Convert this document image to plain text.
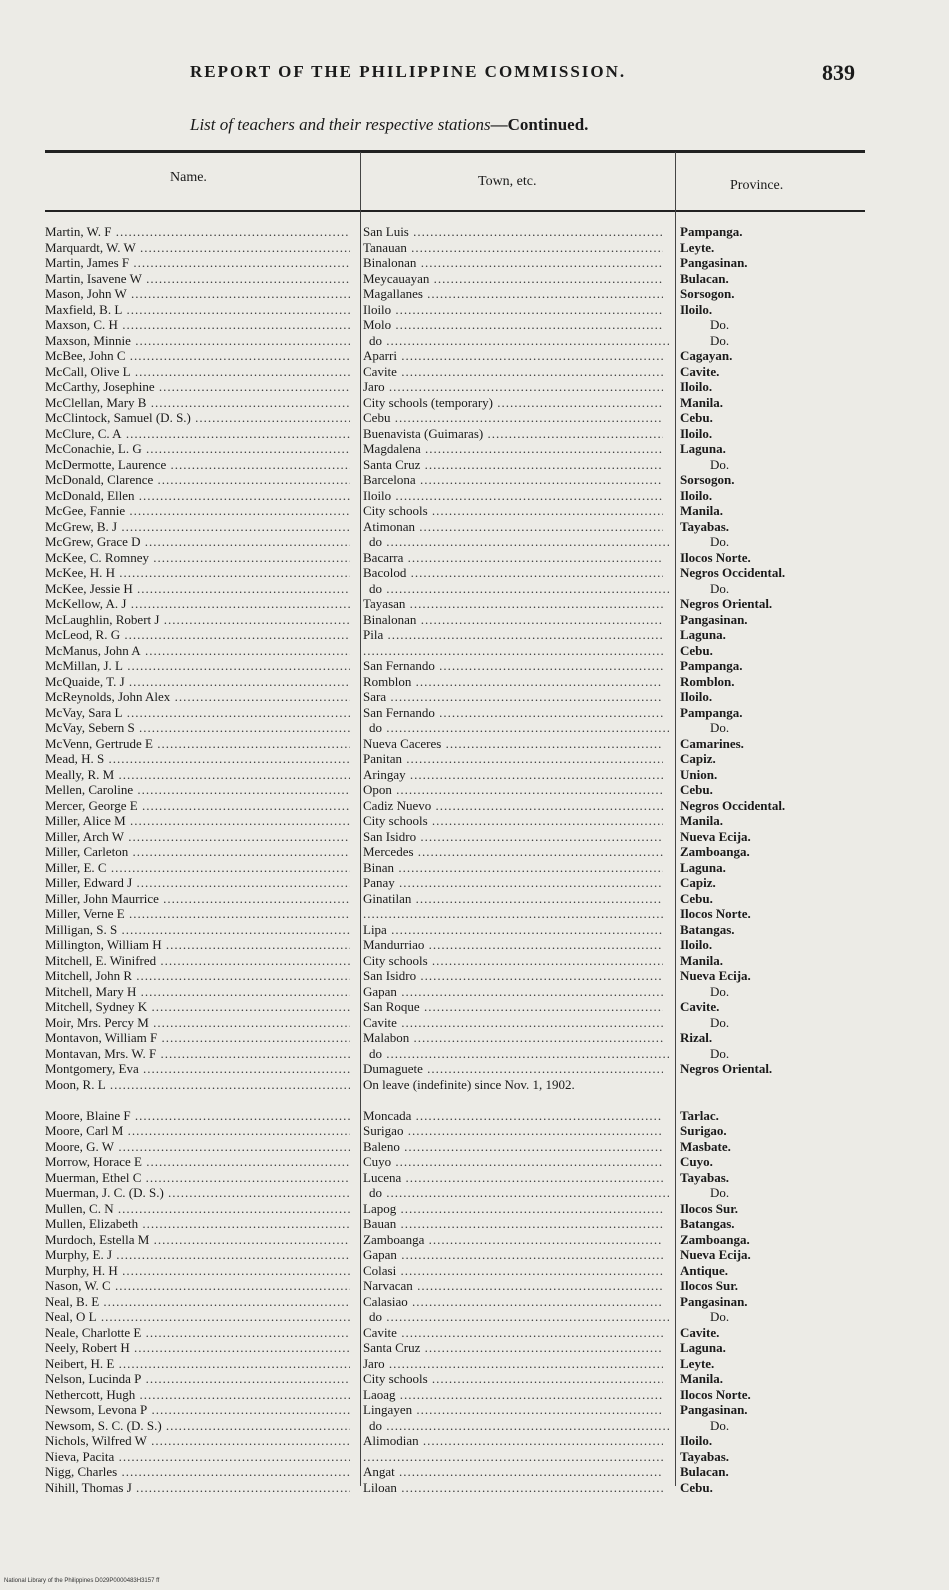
REPORT OF THE PHILIPPINE COMMISSION.	839
List of teachers and their respective stations—Continued.
Name.	Town, etc.	Province.
Martin, W. F .....	San Luis .....	Pampanga.
Marquardt, W. W .....	Tanauan .....	Leyte.
Martin, James F .....	Binalonan .....	Pangasinan.
Martin, Isavene W .....	Meycauayan .....	Bulacan.
Mason, John W .....	Magallanes .....	Sorsogon.
Maxfield, B. L .....	Iloilo .....	Iloilo.
Maxson, C. H .....	Molo .....	Do.
Maxson, Minnie .....	do .....	Do.
McBee, John C .....	Aparri .....	Cagayan.
McCall, Olive L .....	Cavite .....	Cavite.
McCarthy, Josephine .....	Jaro .....	Iloilo.
McClellan, Mary B .....	City schools (temporary) .....	Manila.
McClintock, Samuel (D. S.) .....	Cebu .....	Cebu.
McClure, C. A .....	Buenavista (Guimaras) .....	Iloilo.
McConachie, L. G .....	Magdalena .....	Laguna.
McDermotte, Laurence .....	Santa Cruz .....	Do.
McDonald, Clarence .....	Barcelona .....	Sorsogon.
McDonald, Ellen .....	Iloilo .....	Iloilo.
McGee, Fannie .....	City schools .....	Manila.
McGrew, B. J .....	Atimonan .....	Tayabas.
McGrew, Grace D .....	do .....	Do.
McKee, C. Romney .....	Bacarra .....	Ilocos Norte.
McKee, H. H .....	Bacolod .....	Negros Occidental.
McKee, Jessie H .....	do .....	Do.
McKellow, A. J .....	Tayasan .....	Negros Oriental.
McLaughlin, Robert J .....	Binalonan .....	Pangasinan.
McLeod, R. G .....	Pila .....	Laguna.
McManus, John A ..... .....	Cebu.
McMillan, J. L .....	San Fernando .....	Pampanga.
McQuaide, T. J .....	Romblon .....	Romblon.
McReynolds, John Alex .....	Sara .....	Iloilo.
McVay, Sara L .....	San Fernando .....	Pampanga.
McVay, Sebern S .....	do .....	Do.
McVenn, Gertrude E .....	Nueva Caceres .....	Camarines.
Mead, H. S .....	Panitan .....	Capiz.
Meally, R. M .....	Aringay .....	Union.
Mellen, Caroline .....	Opon .....	Cebu.
Mercer, George E .....	Cadiz Nuevo .....	Negros Occidental.
Miller, Alice M .....	City schools .....	Manila.
Miller, Arch W .....	San Isidro .....	Nueva Ecija.
Miller, Carleton .....	Mercedes .....	Zamboanga.
Miller, E. C .....	Binan .....	Laguna.
Miller, Edward J .....	Panay .....	Capiz.
Miller, John Maurrice .....	Ginatilan .....	Cebu.
Miller, Verne E ..... .....	Ilocos Norte.
Milligan, S. S .....	Lipa .....	Batangas.
Millington, William H .....	Mandurriao .....	Iloilo.
Mitchell, E. Winifred .....	City schools .....	Manila.
Mitchell, John R .....	San Isidro .....	Nueva Ecija.
Mitchell, Mary H .....	Gapan .....	Do.
Mitchell, Sydney K .....	San Roque .....	Cavite.
Moir, Mrs. Percy M .....	Cavite .....	Do.
Montavon, William F .....	Malabon .....	Rizal.
Montavan, Mrs. W. F .....	do .....	Do.
Montgomery, Eva .....	Dumaguete .....	Negros Oriental.
Moon, R. L .....	On leave (indefinite) since Nov. 1, 1902.
Moore, Blaine F .....	Moncada .....	Tarlac.
Moore, Carl M .....	Surigao .....	Surigao.
Moore, G. W .....	Baleno .....	Masbate.
Morrow, Horace E .....	Cuyo .....	Cuyo.
Muerman, Ethel C .....	Lucena .....	Tayabas.
Muerman, J. C. (D. S.) .....	do .....	Do.
Mullen, C. N .....	Lapog .....	Ilocos Sur.
Mullen, Elizabeth .....	Bauan .....	Batangas.
Murdoch, Estella M .....	Zamboanga .....	Zamboanga.
Murphy, E. J .....	Gapan .....	Nueva Ecija.
Murphy, H. H .....	Colasi .....	Antique.
Nason, W. C .....	Narvacan .....	Ilocos Sur.
Neal, B. E .....	Calasiao .....	Pangasinan.
Neal, O L .....	do .....	Do.
Neale, Charlotte E .....	Cavite .....	Cavite.
Neely, Robert H .....	Santa Cruz .....	Laguna.
Neibert, H. E .....	Jaro .....	Leyte.
Nelson, Lucinda P .....	City schools .....	Manila.
Nethercott, Hugh .....	Laoag .....	Ilocos Norte.
Newsom, Levona P .....	Lingayen .....	Pangasinan.
Newsom, S. C. (D. S.) .....	do .....	Do.
Nichols, Wilfred W .....	Alimodian .....	Iloilo.
Nieva, Pacita ..... .....	Tayabas.
Nigg, Charles .....	Angat .....	Bulacan.
Nihill, Thomas J .....	Liloan .....	Cebu.
National Library of the Philippines D029P0000483H3157 ff
